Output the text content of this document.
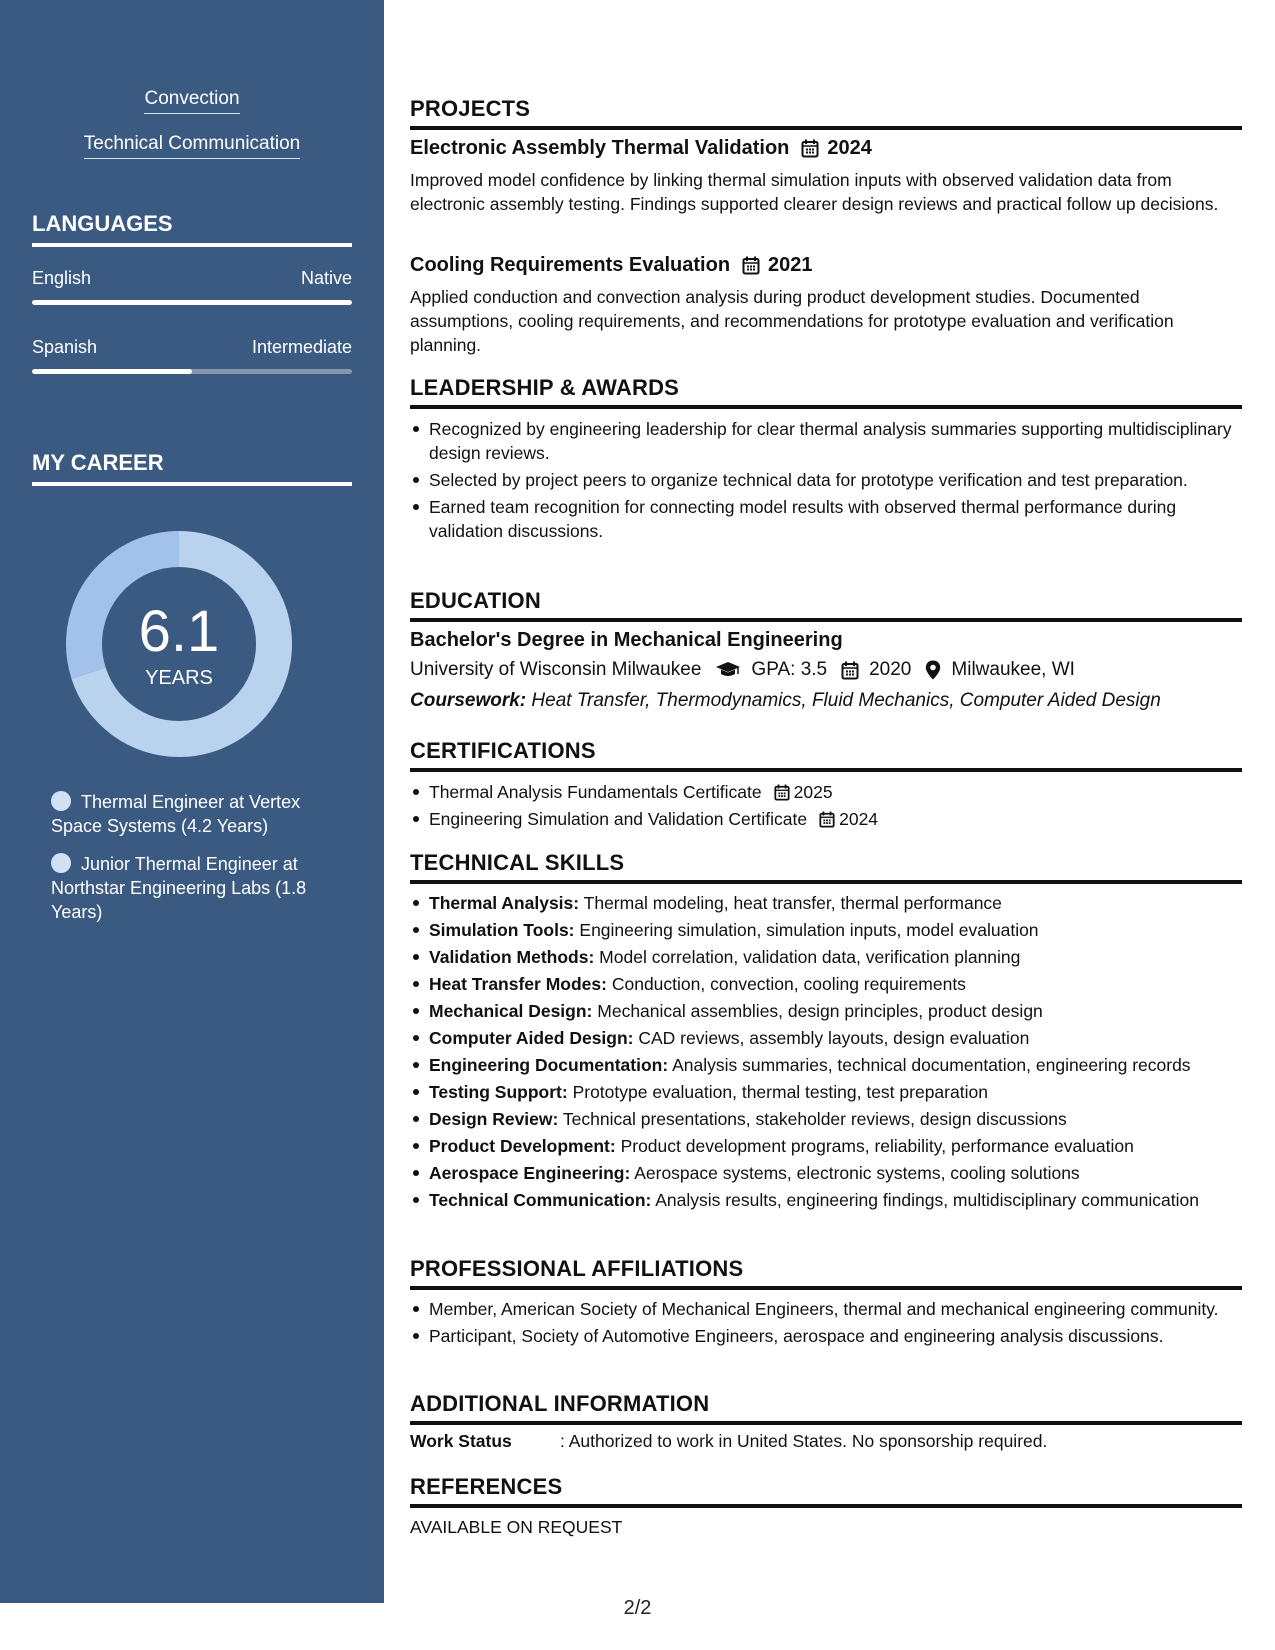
Convection
Technical Communication
LANGUAGES
English	Native
Spanish	Intermediate
MY CAREER
6.1
YEARS
Thermal Engineer at Vertex Space Systems (4.2 Years)
Junior Thermal Engineer at Northstar Engineering Labs (1.8 Years)
PROJECTS
Electronic Assembly Thermal Validation 2024
Improved model confidence by linking thermal simulation inputs with observed validation data from electronic assembly testing. Findings supported clearer design reviews and practical follow up decisions.
Cooling Requirements Evaluation 2021
Applied conduction and convection analysis during product development studies. Documented assumptions, cooling requirements, and recommendations for prototype evaluation and verification planning.
LEADERSHIP & AWARDS
Recognized by engineering leadership for clear thermal analysis summaries supporting multidisciplinary design reviews.
Selected by project peers to organize technical data for prototype verification and test preparation.
Earned team recognition for connecting model results with observed thermal performance during validation discussions.
EDUCATION
Bachelor's Degree in Mechanical Engineering
University of Wisconsin Milwaukee	GPA: 3.5 2020 Milwaukee, WI
Coursework: Heat Transfer, Thermodynamics, Fluid Mechanics, Computer Aided Design
CERTIFICATIONS
Thermal Analysis Fundamentals Certificate 2025
Engineering Simulation and Validation Certificate 2024
TECHNICAL SKILLS
Thermal Analysis: Thermal modeling, heat transfer, thermal performance
Simulation Tools: Engineering simulation, simulation inputs, model evaluation
Validation Methods: Model correlation, validation data, verification planning
Heat Transfer Modes: Conduction, convection, cooling requirements
Mechanical Design: Mechanical assemblies, design principles, product design
Computer Aided Design: CAD reviews, assembly layouts, design evaluation
Engineering Documentation: Analysis summaries, technical documentation, engineering records
Testing Support: Prototype evaluation, thermal testing, test preparation
Design Review: Technical presentations, stakeholder reviews, design discussions
Product Development: Product development programs, reliability, performance evaluation
Aerospace Engineering: Aerospace systems, electronic systems, cooling solutions
Technical Communication: Analysis results, engineering findings, multidisciplinary communication
PROFESSIONAL AFFILIATIONS
Member, American Society of Mechanical Engineers, thermal and mechanical engineering community.
Participant, Society of Automotive Engineers, aerospace and engineering analysis discussions.
ADDITIONAL INFORMATION
Work Status	: Authorized to work in United States. No sponsorship required.
REFERENCES
AVAILABLE ON REQUEST
2/2
